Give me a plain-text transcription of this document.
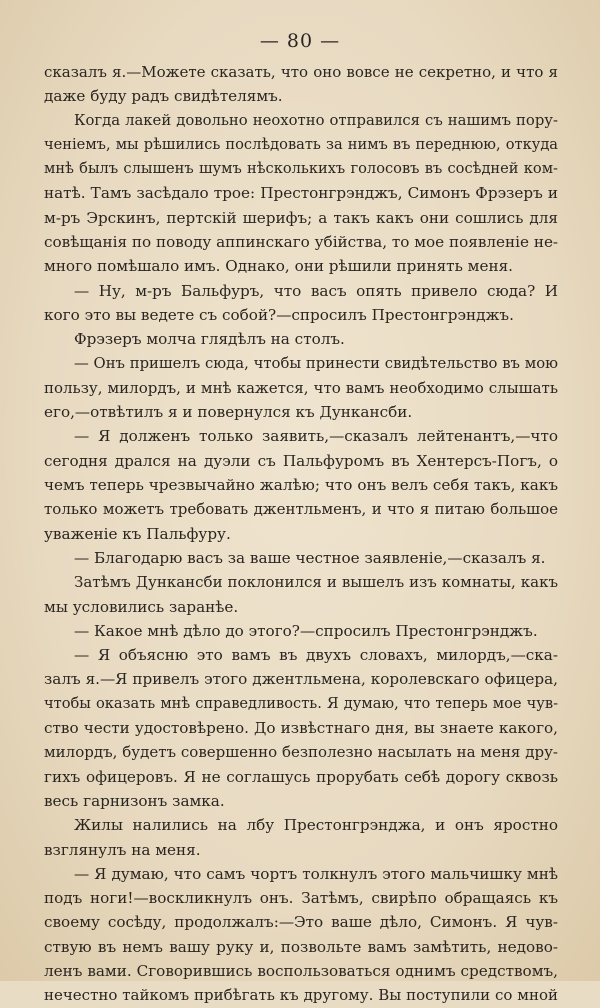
— 80 —

сказалъ я.—Можете сказать, что оно вовсе не секретно, и что я
даже буду радъ свидѣтелямъ.
Когда лакей довольно неохотно отправился съ нашимъ пору-
ченіемъ, мы рѣшились послѣдовать за нимъ въ переднюю, откуда
мнѣ былъ слышенъ шумъ нѣсколькихъ голосовъ въ сосѣдней ком-
натѣ. Тамъ засѣдало трое: Престонгрэнджъ, Симонъ Фрэзеръ и
м-ръ Эрскинъ, пертскій шерифъ; а такъ какъ они сошлись для
совѣщанія по поводу аппинскаго убійства, то мое появленіе не-
много помѣшало имъ. Однако, они рѣшили принять меня.
— Ну, м-ръ Бальфуръ, что васъ опять привело сюда? И
кого это вы ведете съ собой?—спросилъ Престонгрэнджъ.
Фрэзеръ молча глядѣлъ на столъ.
— Онъ пришелъ сюда, чтобы принести свидѣтельство въ мою
пользу, милордъ, и мнѣ кажется, что вамъ необходимо слышать
его,—отвѣтилъ я и повернулся къ Дункансби.
— Я долженъ только заявить,—сказалъ лейтенантъ,—что
сегодня дрался на дуэли съ Пальфуромъ въ Хентерсъ-Погъ, о
чемъ теперь чрезвычайно жалѣю; что онъ велъ себя такъ, какъ
только можетъ требовать джентльменъ, и что я питаю большое
уваженіе къ Пальфуру.
— Благодарю васъ за ваше честное заявленіе,—сказалъ я.
Затѣмъ Дункансби поклонился и вышелъ изъ комнаты, какъ
мы условились заранѣе.
— Какое мнѣ дѣло до этого?—спросилъ Престонгрэнджъ.
— Я объясню это вамъ въ двухъ словахъ, милордъ,—ска-
залъ я.—Я привелъ этого джентльмена, королевскаго офицера,
чтобы оказать мнѣ справедливость. Я думаю, что теперь мое чув-
ство чести удостовѣрено. До извѣстнаго дня, вы знаете какого,
милордъ, будетъ совершенно безполезно насылать на меня дру-
гихъ офицеровъ. Я не соглашусь прорубать себѣ дорогу сквозь
весь гарнизонъ замка.
Жилы налились на лбу Престонгрэнджа, и онъ яростно
взглянулъ на меня.
— Я думаю, что самъ чортъ толкнулъ этого мальчишку мнѣ
подъ ноги!—воскликнулъ онъ. Затѣмъ, свирѣпо обращаясь къ
своему сосѣду, продолжалъ:—Это ваше дѣло, Симонъ. Я чув-
ствую въ немъ вашу руку и, позвольте вамъ замѣтить, недово-
ленъ вами. Сговорившись воспользоваться однимъ средствомъ,
нечестно тайкомъ прибѣгать къ другому. Вы поступили со мной
